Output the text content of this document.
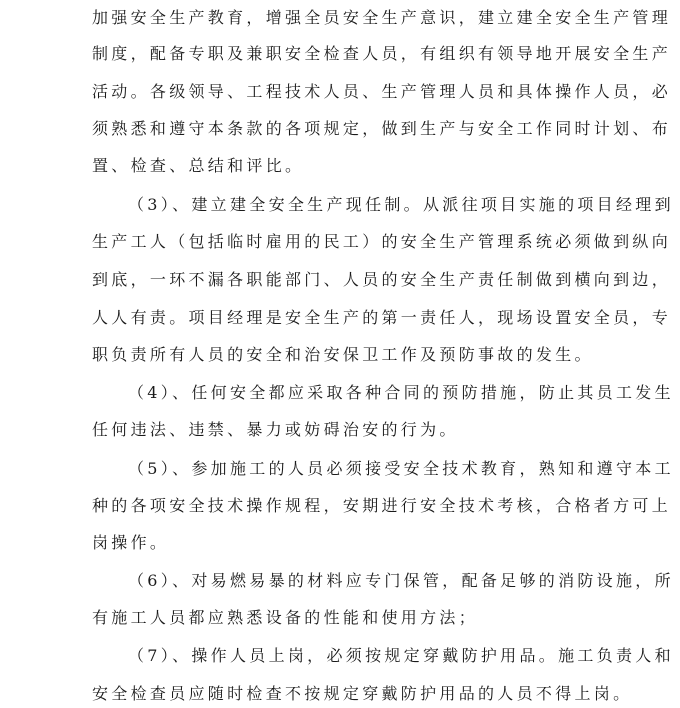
加强安全生产教育，增强全员安全生产意识，建立建全安全生产管理
制度，配备专职及兼职安全检查人员，有组织有领导地开展安全生产
活动。各级领导、工程技术人员、生产管理人员和具体操作人员，必
须熟悉和遵守本条款的各项规定，做到生产与安全工作同时计划、布
置、检查、总结和评比。
（3）、建立建全安全生产现任制。从派往项目实施的项目经理到
生产工人（包括临时雇用的民工）的安全生产管理系统必须做到纵向
到底，一环不漏各职能部门、人员的安全生产责任制做到横向到边，
人人有责。项目经理是安全生产的第一责任人，现场设置安全员，专
职负责所有人员的安全和治安保卫工作及预防事故的发生。
（4）、任何安全都应采取各种合同的预防措施，防止其员工发生
任何违法、违禁、暴力或妨碍治安的行为。
（5）、参加施工的人员必须接受安全技术教育，熟知和遵守本工
种的各项安全技术操作规程，安期进行安全技术考核，合格者方可上
岗操作。
（6）、对易燃易暴的材料应专门保管，配备足够的消防设施，所
有施工人员都应熟悉设备的性能和使用方法；
（7）、操作人员上岗，必须按规定穿戴防护用品。施工负责人和
安全检查员应随时检查不按规定穿戴防护用品的人员不得上岗。
